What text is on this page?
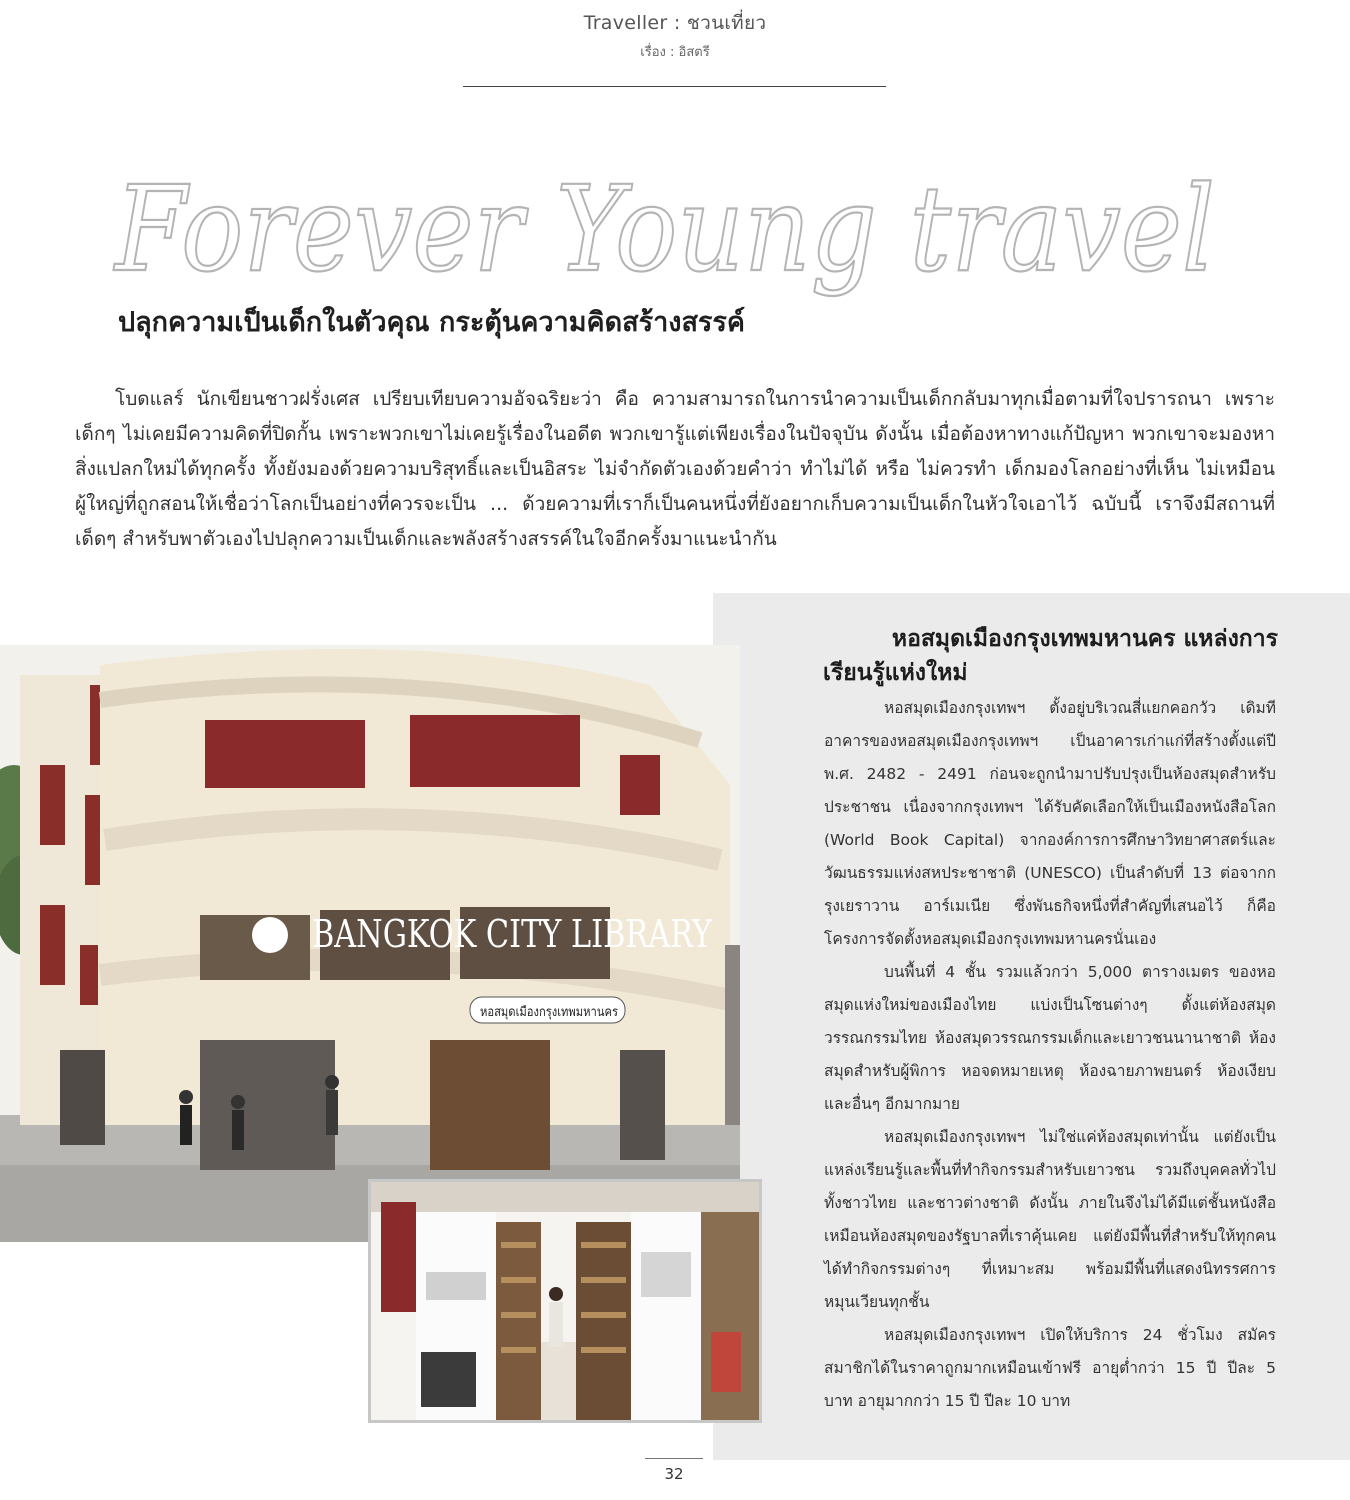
Traveller : ชวนเที่ยว
เรื่อง : อิสตรี
Forever Young travel
ปลุกความเป็นเด็กในตัวคุณ กระตุ้นความคิดสร้างสรรค์
โบดแลร์ นักเขียนชาวฝรั่งเศส เปรียบเทียบความอัจฉริยะว่า คือ ความสามารถในการนำความเป็นเด็กกลับมาทุกเมื่อตามที่ใจปรารถนา เพราะเด็กๆ ไม่เคยมีความคิดที่ปิดกั้น เพราะพวกเขาไม่เคยรู้เรื่องในอดีต พวกเขารู้แต่เพียงเรื่องในปัจจุบัน ดังนั้น เมื่อต้องหาทางแก้ปัญหา พวกเขาจะมองหาสิ่งแปลกใหม่ได้ทุกครั้ง ทั้งยังมองด้วยความบริสุทธิ์และเป็นอิสระ ไม่จำกัดตัวเองด้วยคำว่า ทำไม่ได้ หรือ ไม่ควรทำ เด็กมองโลกอย่างที่เห็น ไม่เหมือนผู้ใหญ่ที่ถูกสอนให้เชื่อว่าโลกเป็นอย่างที่ควรจะเป็น ... ด้วยความที่เราก็เป็นคนหนึ่งที่ยังอยากเก็บความเป็นเด็กในหัวใจเอาไว้ ฉบับนี้ เราจึงมีสถานที่เด็ดๆ สำหรับพาตัวเองไปปลุกความเป็นเด็กและพลังสร้างสรรค์ในใจอีกครั้งมาแนะนำกัน
หอสมุดเมืองกรุงเทพมหานคร แหล่งการ
เรียนรู้แห่งใหม่

หอสมุดเมืองกรุงเทพฯ ตั้งอยู่บริเวณสี่แยกคอกวัว เดิมทีอาคารของหอสมุดเมืองกรุงเทพฯ เป็นอาคารเก่าแก่ที่สร้างตั้งแต่ปี พ.ศ. 2482 - 2491 ก่อนจะถูกนำมาปรับปรุงเป็นห้องสมุดสำหรับประชาชน เนื่องจากกรุงเทพฯ ได้รับคัดเลือกให้เป็นเมืองหนังสือโลก (World Book Capital) จากองค์การการศึกษาวิทยาศาสตร์และวัฒนธรรมแห่งสหประชาชาติ (UNESCO) เป็นลำดับที่ 13 ต่อจากกรุงเยราวาน อาร์เมเนีย ซึ่งพันธกิจหนึ่งที่สำคัญที่เสนอไว้ ก็คือ โครงการจัดตั้งหอสมุดเมืองกรุงเทพมหานครนั่นเอง

บนพื้นที่ 4 ชั้น รวมแล้วกว่า 5,000 ตารางเมตร ของหอสมุดแห่งใหม่ของเมืองไทย แบ่งเป็นโซนต่างๆ ตั้งแต่ห้องสมุดวรรณกรรมไทย ห้องสมุดวรรณกรรมเด็กและเยาวชนนานาชาติ ห้องสมุดสำหรับผู้พิการ หอจดหมายเหตุ ห้องฉายภาพยนตร์ ห้องเงียบ และอื่นๆ อีกมากมาย

หอสมุดเมืองกรุงเทพฯ ไม่ใช่แค่ห้องสมุดเท่านั้น แต่ยังเป็นแหล่งเรียนรู้และพื้นที่ทำกิจกรรมสำหรับเยาวชน รวมถึงบุคคลทั่วไปทั้งชาวไทย และชาวต่างชาติ ดังนั้น ภายในจึงไม่ได้มีแต่ชั้นหนังสือเหมือนห้องสมุดของรัฐบาลที่เราคุ้นเคย แต่ยังมีพื้นที่สำหรับให้ทุกคนได้ทำกิจกรรมต่างๆ ที่เหมาะสม พร้อมมีพื้นที่แสดงนิทรรศการหมุนเวียนทุกชั้น

หอสมุดเมืองกรุงเทพฯ เปิดให้บริการ 24 ชั่วโมง สมัครสมาชิกได้ในราคาถูกมากเหมือนเข้าฟรี อายุต่ำกว่า 15 ปี ปีละ 5 บาท อายุมากกว่า 15 ปี ปีละ 10 บาท

BANGKOK CITY LIBRARY
หอสมุดเมืองกรุงเทพมหานคร
32
